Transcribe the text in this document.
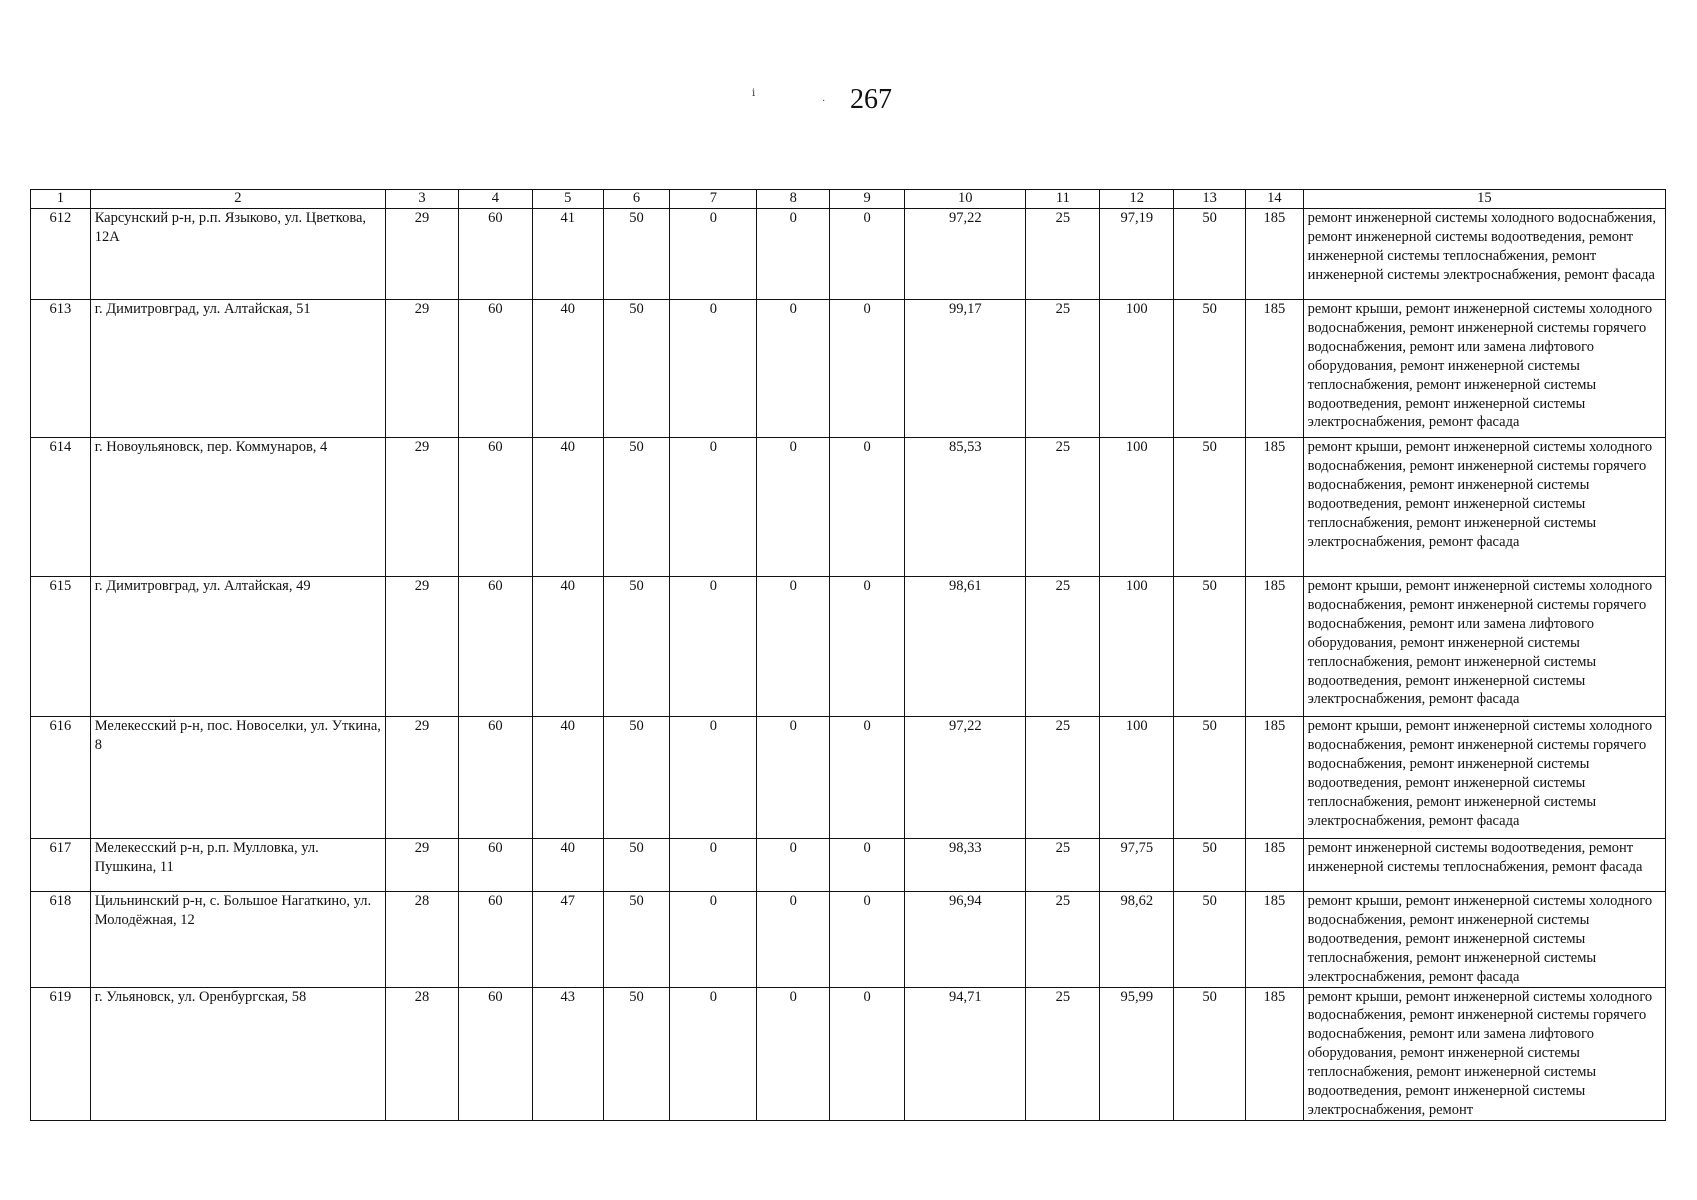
267
ⅰ
·
1	2	3	4	5	6	7	8	9	10	11	12	13	14	15
612	Карсунский р-н, р.п. Языково, ул. Цветкова, 12А	29	60	41	50	0	0	0	97,22	25	97,19	50	185	ремонт инженерной системы холодного водоснабжения, ремонт инженерной системы водоотведения, ремонт инженерной системы теплоснабжения, ремонт инженерной системы электроснабжения, ремонт фасада
613	г. Димитровград, ул. Алтайская, 51	29	60	40	50	0	0	0	99,17	25	100	50	185	ремонт крыши, ремонт инженерной системы холодного водоснабжения, ремонт инженерной системы горячего водоснабжения, ремонт или замена лифтового оборудования, ремонт инженерной системы теплоснабжения, ремонт инженерной системы водоотведения, ремонт инженерной системы электроснабжения, ремонт фасада
614	г. Новоульяновск, пер. Коммунаров, 4	29	60	40	50	0	0	0	85,53	25	100	50	185	ремонт крыши, ремонт инженерной системы холодного водоснабжения, ремонт инженерной системы горячего водоснабжения, ремонт инженерной системы водоотведения, ремонт инженерной системы теплоснабжения, ремонт инженерной системы электроснабжения, ремонт фасада
615	г. Димитровград, ул. Алтайская, 49	29	60	40	50	0	0	0	98,61	25	100	50	185	ремонт крыши, ремонт инженерной системы холодного водоснабжения, ремонт инженерной системы горячего водоснабжения, ремонт или замена лифтового оборудования, ремонт инженерной системы теплоснабжения, ремонт инженерной системы водоотведения, ремонт инженерной системы электроснабжения, ремонт фасада
616	Мелекесский р-н, пос. Новоселки, ул. Уткина, 8	29	60	40	50	0	0	0	97,22	25	100	50	185	ремонт крыши, ремонт инженерной системы холодного водоснабжения, ремонт инженерной системы горячего водоснабжения, ремонт инженерной системы водоотведения, ремонт инженерной системы теплоснабжения, ремонт инженерной системы электроснабжения, ремонт фасада
617	Мелекесский р-н, р.п. Мулловка, ул. Пушкина, 11	29	60	40	50	0	0	0	98,33	25	97,75	50	185	ремонт инженерной системы водоотведения, ремонт инженерной системы теплоснабжения, ремонт фасада
618	Цильнинский р-н, с. Большое Нагаткино, ул. Молодёжная, 12	28	60	47	50	0	0	0	96,94	25	98,62	50	185	ремонт крыши, ремонт инженерной системы холодного водоснабжения, ремонт инженерной системы водоотведения, ремонт инженерной системы теплоснабжения, ремонт инженерной системы электроснабжения, ремонт фасада
619	г. Ульяновск, ул. Оренбургская, 58	28	60	43	50	0	0	0	94,71	25	95,99	50	185	ремонт крыши, ремонт инженерной системы холодного водоснабжения, ремонт инженерной системы горячего водоснабжения, ремонт или замена лифтового оборудования, ремонт инженерной системы теплоснабжения, ремонт инженерной системы водоотведения, ремонт инженерной системы электроснабжения, ремонт
